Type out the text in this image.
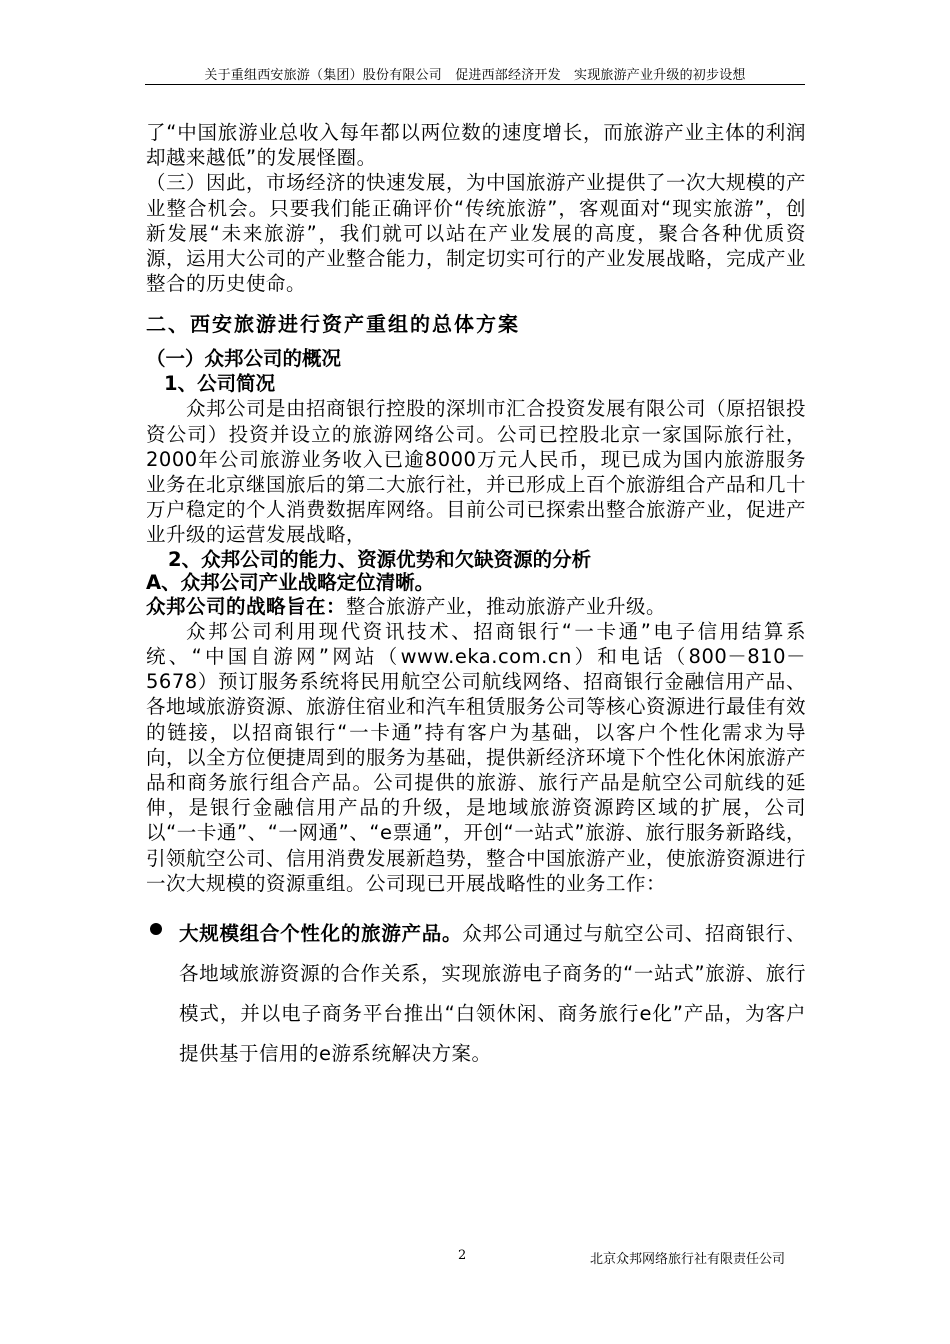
关于重组西安旅游（集团）股份有限公司　促进西部经济开发　实现旅游产业升级的初步设想

了“中国旅游业总收入每年都以两位数的速度增长，而旅游产业主体的利润却越来越低”的发展怪圈。

（三）因此，市场经济的快速发展，为中国旅游产业提供了一次大规模的产业整合机会。只要我们能正确评价“传统旅游”，客观面对“现实旅游”，创新发展“未来旅游”，我们就可以站在产业发展的高度，聚合各种优质资源，运用大公司的产业整合能力，制定切实可行的产业发展战略，完成产业整合的历史使命。

二、西安旅游进行资产重组的总体方案
（一）众邦公司的概况
1、公司简况

众邦公司是由招商银行控股的深圳市汇合投资发展有限公司（原招银投资公司）投资并设立的旅游网络公司。公司已控股北京一家国际旅行社，2000年公司旅游业务收入已逾8000万元人民币，现已成为国内旅游服务业务在北京继国旅后的第二大旅行社，并已形成上百个旅游组合产品和几十万户稳定的个人消费数据库网络。目前公司已探索出整合旅游产业，促进产业升级的运营发展战略，

2、众邦公司的能力、资源优势和欠缺资源的分析
A、众邦公司产业战略定位清晰。

众邦公司的战略旨在：整合旅游产业，推动旅游产业升级。

众邦公司利用现代资讯技术、招商银行“一卡通”电子信用结算系统、“中国自游网”网站（www.eka.com.cn）和电话（800－810－5678）预订服务系统将民用航空公司航线网络、招商银行金融信用产品、各地域旅游资源、旅游住宿业和汽车租赁服务公司等核心资源进行最佳有效的链接，以招商银行“一卡通”持有客户为基础，以客户个性化需求为导向，以全方位便捷周到的服务为基础，提供新经济环境下个性化休闲旅游产品和商务旅行组合产品。公司提供的旅游、旅行产品是航空公司航线的延伸，是银行金融信用产品的升级，是地域旅游资源跨区域的扩展，公司以“一卡通”、“一网通”、“e票通”，开创“一站式”旅游、旅行服务新路线，引领航空公司、信用消费发展新趋势，整合中国旅游产业，使旅游资源进行一次大规模的资源重组。公司现已开展战略性的业务工作：

大规模组合个性化的旅游产品。众邦公司通过与航空公司、招商银行、各地域旅游资源的合作关系，实现旅游电子商务的“一站式”旅游、旅行模式，并以电子商务平台推出“白领休闲、商务旅行e化”产品，为客户提供基于信用的e游系统解决方案。
2	北京众邦网络旅行社有限责任公司
